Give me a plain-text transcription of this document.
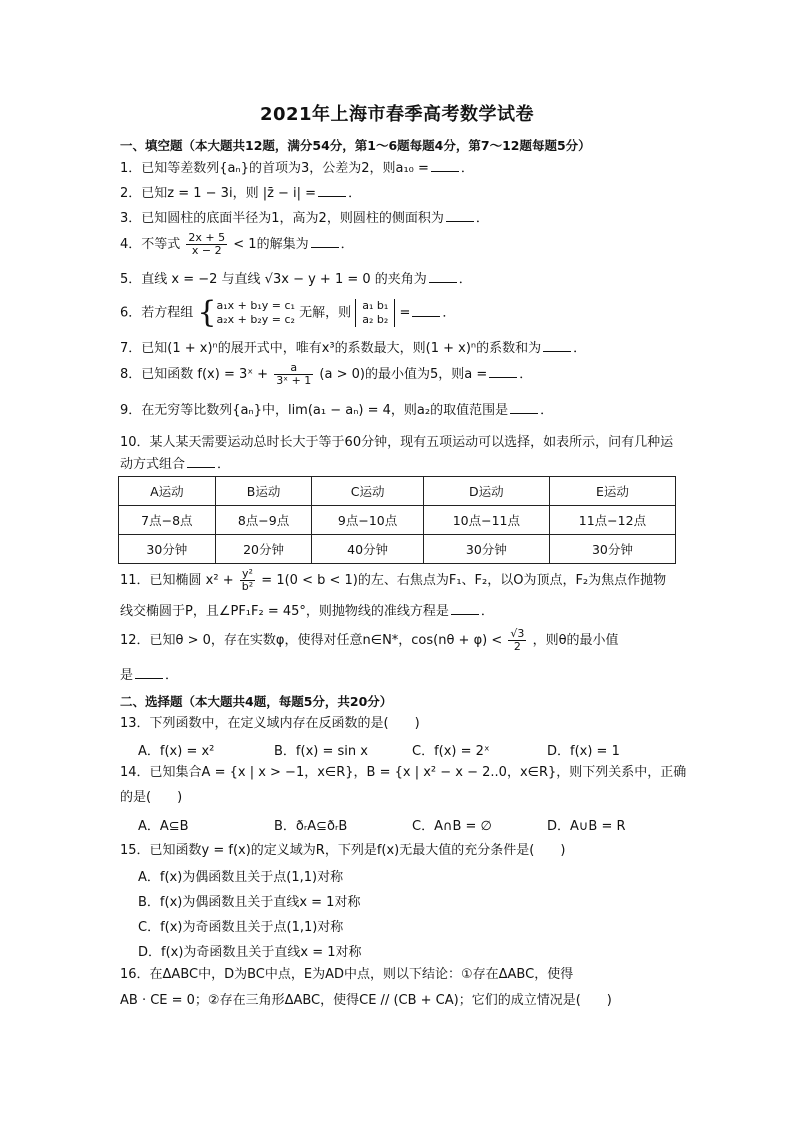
2021年上海市春季高考数学试卷
一、填空题（本大题共12题，满分54分，第1～6题每题4分，第7～12题每题5分）
1．已知等差数列{aₙ}的首项为3，公差为2，则a₁₀ = ．
2．已知z = 1 − 3i，则 |z̄ − i| = ．
3．已知圆柱的底面半径为1，高为2，则圆柱的侧面积为 ．
4．不等式 $\frac{2x + 5}{x - 2} < 1$的解集为 ．
5．直线 x = −2 与直线 √3x − y + 1 = 0 的夹角为 ．
6．若方程组 { a₁x + b₁y = c₁
a₂x + b₂y = c₂ 无解，则 a₁ b₁
a₂ b₂ = ．
7．已知(1 + x)ⁿ的展开式中，唯有x³的系数最大，则(1 + x)ⁿ的系数和为 ．
8．已知函数 f(x) = 3ˣ + $\frac{a}{\text{3ˣ + 1}} (a > 0)$的最小值为5，则a = ．
9．在无穷等比数列{aₙ}中，lim(a₁ − aₙ) = 4，则a₂的取值范围是 ．
10．某人某天需要运动总时长大于等于60分钟，现有五项运动可以选择，如表所示，问有几种运动方式组合 ．
A运动	B运动	C运动	D运动	E运动
7点−8点	8点−9点	9点−10点	10点−11点	11点−12点
30分钟	20分钟	40分钟	30分钟	30分钟
11．已知椭圆 $x^2 + \frac{\text{y²}}{\text{b²}} = 1(0 < b < 1)$的左、右焦点为F₁、F₂，以O为顶点，F₂为焦点作抛物
线交椭圆于P，且∠PF₁F₂ = 45°，则抛物线的准线方程是 ．
12．已知θ > 0，存在实数φ，使得对任意n∈N*，$\cos(n\theta + \varphi) < \frac{√3}{2}$ ，则θ的最小值
是 ．
二、选择题（本大题共4题，每题5分，共20分）
13．下列函数中，在定义域内存在反函数的是(　　)
A．f(x) = x²	B．f(x) = sin x	C．f(x) = 2ˣ	D．f(x) = 1
14．已知集合A = {x | x > −1，x∈R}，B = {x | x² − x − 2..0，x∈R}，则下列关系中，正确
的是(　　)
A．A⊆B	B．ðᵣA⊆ðᵣB	C．A∩B = ∅	D．A∪B = R
15．已知函数y = f(x)的定义域为R，下列是f(x)无最大值的充分条件是(　　)
A．f(x)为偶函数且关于点(1,1)对称
B．f(x)为偶函数且关于直线x = 1对称
C．f(x)为奇函数且关于点(1,1)对称
D．f(x)为奇函数且关于直线x = 1对称
16．在ΔABC中，D为BC中点，E为AD中点，则以下结论：①存在ΔABC，使得
AB · CE = 0；②存在三角形ΔABC，使得CE // (CB + CA)；它们的成立情况是(　　)
